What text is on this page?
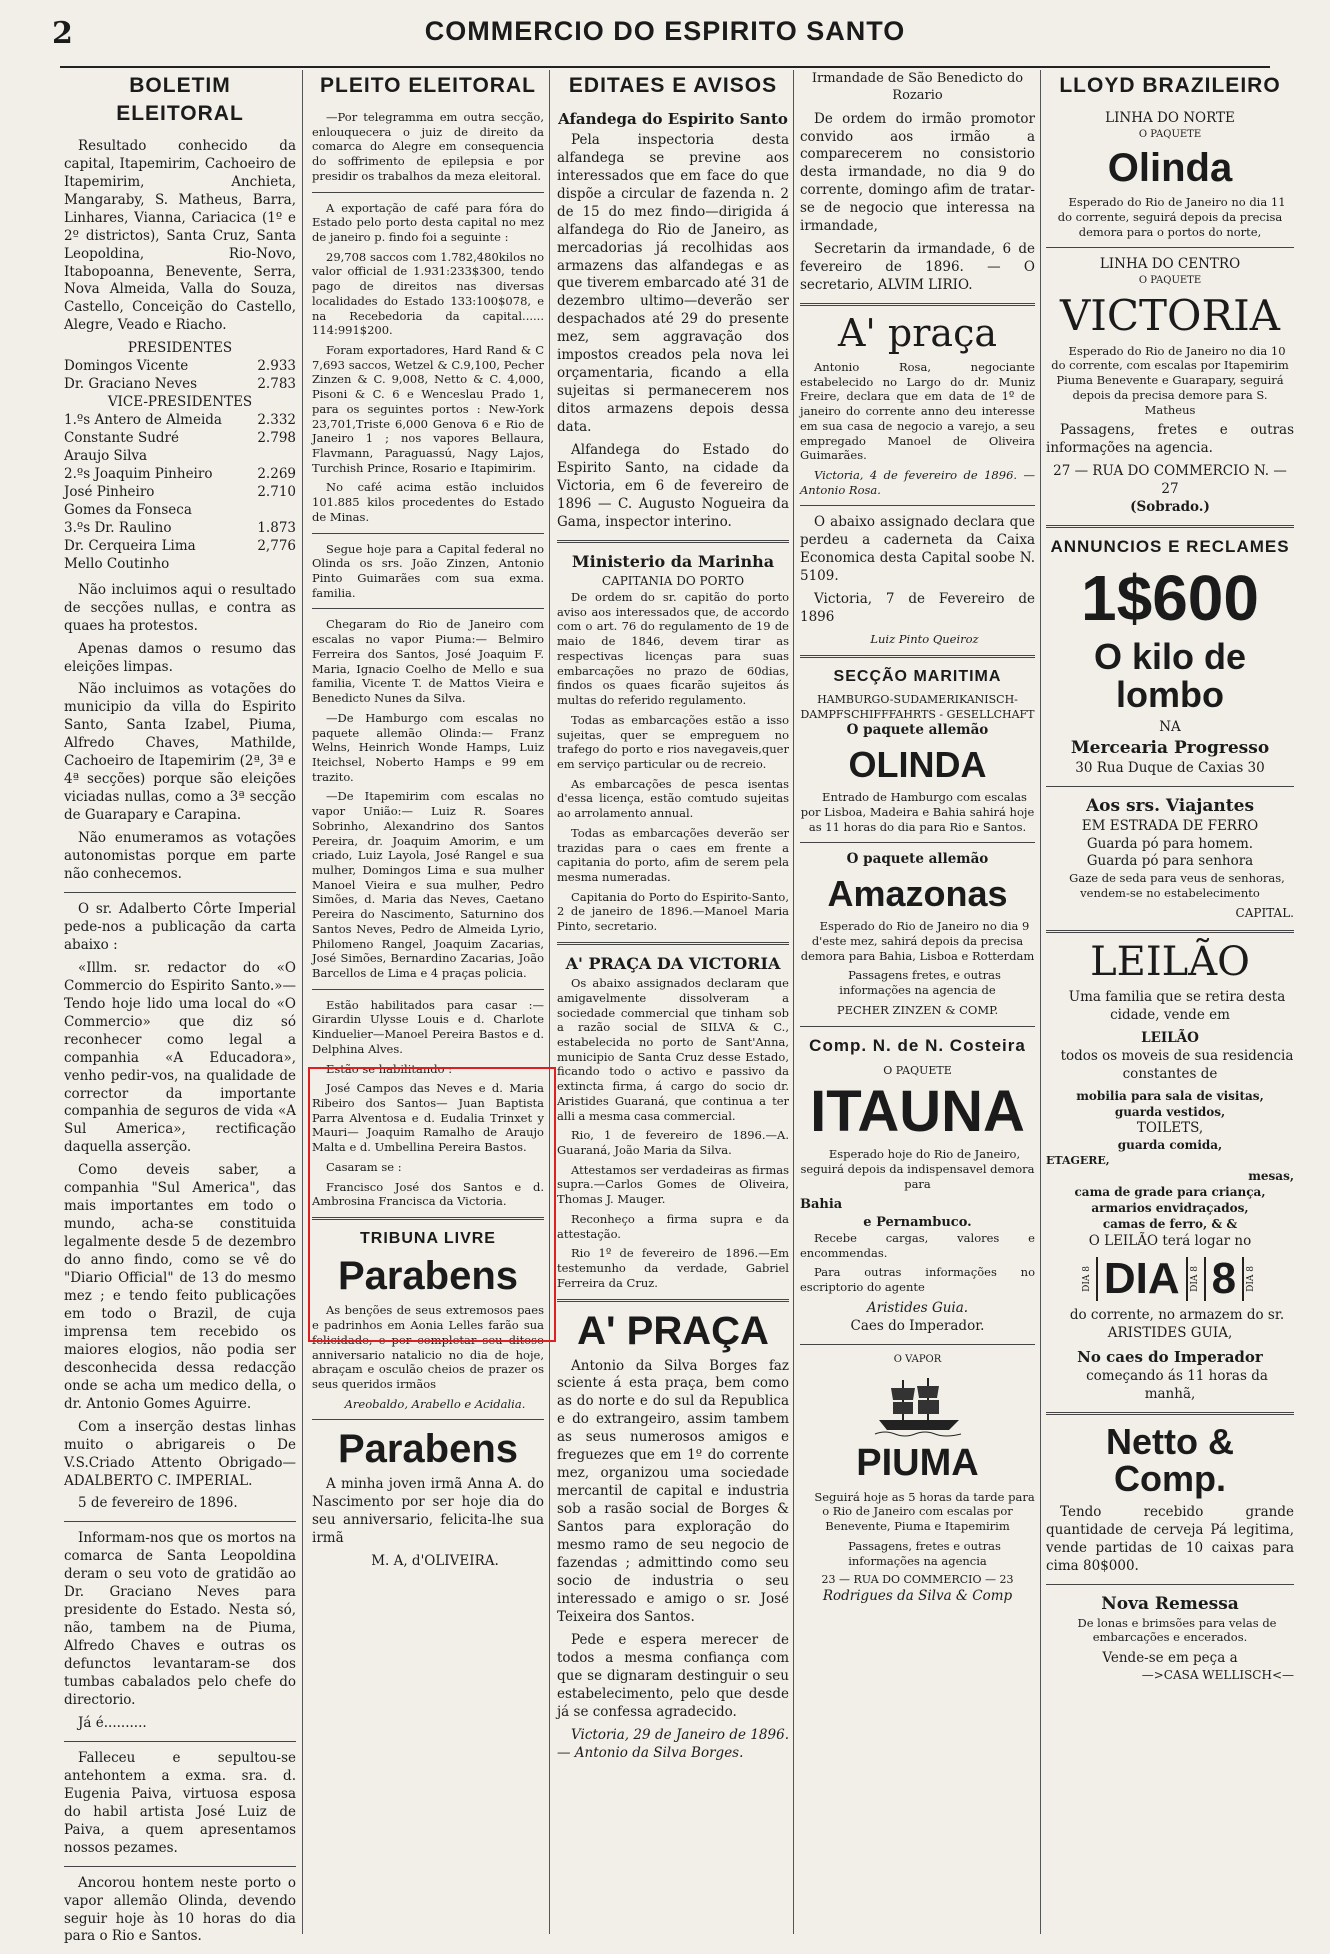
COMMERCIO DO ESPIRITO SANTO
2
BOLETIM ELEITORAL

Resultado conhecido da capital, Itapemirim, Cachoeiro de Itapemirim, Anchieta, Mangaraby, S. Matheus, Barra, Linhares, Vianna, Cariacica (1º e 2º districtos), Santa Cruz, Santa Leopoldina, Rio-Novo, Itabopoanna, Benevente, Serra, Nova Almeida, Valla do Souza, Castello, Conceição do Castello, Alegre, Veado e Riacho.

PRESIDENTES
Domingos Vicente	2.933
Dr. Graciano Neves	2.783
VICE-PRESIDENTES
1.ºs Antero de Almeida	2.332
Constante Sudré	2.798
Araujo Silva
2.ºs Joaquim Pinheiro	2.269
José Pinheiro	2.710
Gomes da Fonseca
3.ºs Dr. Raulino	1.873
Dr. Cerqueira Lima	2,776
Mello Coutinho

Não incluimos aqui o resultado de secções nullas, e contra as quaes ha protestos.

Apenas damos o resumo das eleições limpas.

Não incluimos as votações do municipio da villa do Espirito Santo, Santa Izabel, Piuma, Alfredo Chaves, Mathilde, Cachoeiro de Itapemirim (2ª, 3ª e 4ª secções) porque são eleições viciadas nullas, como a 3ª secção de Guarapary e Carapina.

Não enumeramos as votações autonomistas porque em parte não conhecemos.

O sr. Adalberto Côrte Imperial pede-nos a publicação da carta abaixo :

«Illm. sr. redactor do «O Commercio do Espirito Santo.»—Tendo hoje lido uma local do «O Commercio» que diz só reconhecer como legal a companhia «A Educadora», venho pedir-vos, na qualidade de corrector da importante companhia de seguros de vida «A Sul America», rectificação daquella asserção.

Como deveis saber, a companhia "Sul America", das mais importantes em todo o mundo, acha-se constituida legalmente desde 5 de dezembro do anno findo, como se vê do "Diario Official" de 13 do mesmo mez ; e tendo feito publicações em todo o Brazil, de cuja imprensa tem recebido os maiores elogios, não podia ser desconhecida dessa redacção onde se acha um medico della, o dr. Antonio Gomes Aguirre.

Com a inserção destas linhas muito o abrigareis o De V.S.Criado Attento Obrigado—ADALBERTO C. IMPERIAL.

5 de fevereiro de 1896.

Informam-nos que os mortos na comarca de Santa Leopoldina deram o seu voto de gratidão ao Dr. Graciano Neves para presidente do Estado. Nesta só, não, tambem na de Piuma, Alfredo Chaves e outras os defunctos levantaram-se dos tumbas cabalados pelo chefe do directorio.

Já é..........

Falleceu e sepultou-se antehontem a exma. sra. d. Eugenia Paiva, virtuosa esposa do habil artista José Luiz de Paiva, a quem apresentamos nossos pezames.

Ancorou hontem neste porto o vapor allemão Olinda, devendo seguir hoje às 10 horas do dia para o Rio e Santos.

PLEITO ELEITORAL

—Por telegramma em outra secção, enlouquecera o juiz de direito da comarca do Alegre em consequencia do soffrimento de epilepsia e por presidir os trabalhos da meza eleitoral.

A exportação de café para fóra do Estado pelo porto desta capital no mez de janeiro p. findo foi a seguinte :

29,708 saccos com 1.782,480kilos no valor official de 1.931:233$300, tendo pago de direitos nas diversas localidades do Estado 133:100$078, e na Recebedoria da capital...... 114:991$200.

Foram exportadores, Hard Rand & C 7,693 saccos, Wetzel & C.9,100, Pecher Zinzen & C. 9,008, Netto & C. 4,000, Pisoni & C. 6 e Wenceslau Prado 1, para os seguintes portos : New-York 23,701,Triste 6,000 Genova 6 e Rio de Janeiro 1 ; nos vapores Bellaura, Flavmann, Paraguassú, Nagy Lajos, Turchish Prince, Rosario e Itapimirim.

No café acima estão incluidos 101.885 kilos procedentes do Estado de Minas.

Segue hoje para a Capital federal no Olinda os srs. João Zinzen, Antonio Pinto Guimarães com sua exma. familia.

Chegaram do Rio de Janeiro com escalas no vapor Piuma:— Belmiro Ferreira dos Santos, José Joaquim F. Maria, Ignacio Coelho de Mello e sua familia, Vicente T. de Mattos Vieira e Benedicto Nunes da Silva.

—De Hamburgo com escalas no paquete allemão Olinda:— Franz Welns, Heinrich Wonde Hamps, Luiz Iteichsel, Noberto Hamps e 99 em trazito.

—De Itapemirim com escalas no vapor União:— Luiz R. Soares Sobrinho, Alexandrino dos Santos Pereira, dr. Joaquim Amorim, e um criado, Luiz Layola, José Rangel e sua mulher, Domingos Lima e sua mulher Manoel Vieira e sua mulher, Pedro Simões, d. Maria das Neves, Caetano Pereira do Nascimento, Saturnino dos Santos Neves, Pedro de Almeida Lyrio, Philomeno Rangel, Joaquim Zacarias, José Simões, Bernardino Zacarias, João Barcellos de Lima e 4 praças policia.

Estão habilitados para casar :— Girardin Ulysse Louis e d. Charlote Kinduelier—Manoel Pereira Bastos e d. Delphina Alves.

Estão se habilitando :

José Campos das Neves e d. Maria Ribeiro dos Santos— Juan Baptista Parra Alventosa e d. Eudalia Trinxet y Mauri— Joaquim Ramalho de Araujo Malta e d. Umbellina Pereira Bastos.

Casaram se :

Francisco José dos Santos e d. Ambrosina Francisca da Victoria.

TRIBUNA LIVRE
Parabens

As benções de seus extremosos paes e padrinhos em Aonia Lelles farão sua felicidade, e por completar seu ditoso anniversario natalicio no dia de hoje, abraçam e osculão cheios de prazer os seus queridos irmãos

Areobaldo, Arabello e Acidalia.

Parabens

A minha joven irmã Anna A. do Nascimento por ser hoje dia do seu anniversario, felicita-lhe sua irmã

M. A, d'OLIVEIRA.

EDITAES E AVISOS
Afandega do Espirito Santo

Pela inspectoria desta alfandega se previne aos interessados que em face do que dispõe a circular de fazenda n. 2 de 15 do mez findo—dirigida á alfandega do Rio de Janeiro, as mercadorias já recolhidas aos armazens das alfandegas e as que tiverem embarcado até 31 de dezembro ultimo—deverão ser despachados até 29 do presente mez, sem aggravação dos impostos creados pela nova lei orçamentaria, ficando a ella sujeitas si permanecerem nos ditos armazens depois dessa data.

Alfandega do Estado do Espirito Santo, na cidade da Victoria, em 6 de fevereiro de 1896 — C. Augusto Nogueira da Gama, inspector interino.

Ministerio da Marinha
CAPITANIA DO PORTO

De ordem do sr. capitão do porto aviso aos interessados que, de accordo com o art. 76 do regulamento de 19 de maio de 1846, devem tirar as respectivas licenças para suas embarcações no prazo de 60dias, findos os quaes ficarão sujeitos ás multas do referido regulamento.

Todas as embarcações estão a isso sujeitas, quer se empreguem no trafego do porto e rios navegaveis,quer em serviço particular ou de recreio.

As embarcações de pesca isentas d'essa licença, estão comtudo sujeitas ao arrolamento annual.

Todas as embarcações deverão ser trazidas para o caes em frente a capitania do porto, afim de serem pela mesma numeradas.

Capitania do Porto do Espirito-Santo, 2 de janeiro de 1896.—Manoel Maria Pinto, secretario.

A' PRAÇA DA VICTORIA

Os abaixo assignados declaram que amigavelmente dissolveram a sociedade commercial que tinham sob a razão social de SILVA & C., estabelecida no porto de Sant'Anna, municipio de Santa Cruz desse Estado, ficando todo o activo e passivo da extincta firma, á cargo do socio dr. Aristides Guaraná, que continua a ter alli a mesma casa commercial.

Rio, 1 de fevereiro de 1896.—A. Guaraná, João Maria da Silva.

Attestamos ser verdadeiras as firmas supra.—Carlos Gomes de Oliveira, Thomas J. Mauger.

Reconheço a firma supra e da attestação.

Rio 1º de fevereiro de 1896.—Em testemunho da verdade, Gabriel Ferreira da Cruz.

A' PRAÇA

Antonio da Silva Borges faz sciente á esta praça, bem como as do norte e do sul da Republica e do extrangeiro, assim tambem as seus numerosos amigos e freguezes que em 1º do corrente mez, organizou uma sociedade mercantil de capital e industria sob a rasão social de Borges & Santos para exploração do mesmo ramo de seu negocio de fazendas ; admittindo como seu socio de industria o seu interessado e amigo o sr. José Teixeira dos Santos.

Pede e espera merecer de todos a mesma confiança com que se dignaram destinguir o seu estabelecimento, pelo que desde já se confessa agradecido.

Victoria, 29 de Janeiro de 1896. — Antonio da Silva Borges.

Irmandade de São Benedicto do Rozario

De ordem do irmão promotor convido aos irmão a comparecerem no consistorio desta irmandade, no dia 9 do corrente, domingo afim de tratar-se de negocio que interessa na irmandade,

Secretarin da irmandade, 6 de fevereiro de 1896. — O secretario, ALVIM LIRIO.

A' praça

Antonio Rosa, negociante estabelecido no Largo do dr. Muniz Freire, declara que em data de 1º de janeiro do corrente anno deu interesse em sua casa de negocio a varejo, a seu empregado Manoel de Oliveira Guimarães.

Victoria, 4 de fevereiro de 1896. —Antonio Rosa.

O abaixo assignado declara que perdeu a caderneta da Caixa Economica desta Capital soobe N. 5109.

Victoria, 7 de Fevereiro de 1896

Luiz Pinto Queiroz

SECÇÃO MARITIMA
HAMBURGO-SUDAMERIKANISCH-DAMPFSCHIFFFAHRTS - GESELLCHAFT
O paquete allemão
OLINDA

Entrado de Hamburgo com escalas por Lisboa, Madeira e Bahia sahirá hoje as 11 horas do dia para Rio e Santos.

O paquete allemão
Amazonas

Esperado do Rio de Janeiro no dia 9 d'este mez, sahirá depois da precisa demora para Bahia, Lisboa e Rotterdam

Passagens fretes, e outras informações na agencia de

PECHER ZINZEN & COMP.
Comp. N. de N. Costeira
O PAQUETE
ITAUNA

Esperado hoje do Rio de Janeiro, seguirá depois da indispensavel demora para

Bahia
e Pernambuco.

Recebe cargas, valores e encommendas.

Para outras informações no escriptorio do agente

Aristides Guia.
Caes do Imperador.
O VAPOR
PIUMA

Seguirá hoje as 5 horas da tarde para o Rio de Janeiro com escalas por Benevente, Piuma e Itapemirim

Passagens, fretes e outras informações na agencia

23 — RUA DO COMMERCIO — 23
Rodrigues da Silva & Comp
LLOYD BRAZILEIRO
LINHA DO NORTE
O PAQUETE
Olinda

Esperado do Rio de Janeiro no dia 11 do corrente, seguirá depois da precisa demora para o portos do norte,

LINHA DO CENTRO
O PAQUETE
VICTORIA

Esperado do Rio de Janeiro no dia 10 do corrente, com escalas por Itapemirim Piuma Benevente e Guarapary, seguirá depois da precisa demore para S. Matheus

Passagens, fretes e outras informações na agencia.

27 — RUA DO COMMERCIO N. — 27
(Sobrado.)
ANNUNCIOS E RECLAMES
1$600
O kilo de lombo
NA
Mercearia Progresso
30 Rua Duque de Caxias 30
Aos srs. Viajantes
EM ESTRADA DE FERRO
Guarda pó para homem.
Guarda pó para senhora

Gaze de seda para veus de senhoras, vendem-se no estabelecimento

CAPITAL.
LEILÃO

Uma familia que se retira desta cidade, vende em

LEILÃO

todos os moveis de sua residencia constantes de

mobilia para sala de visitas,
guarda vestidos,
TOILETS,
guarda comida,
ETAGERE,
mesas,
cama de grade para criança,
armarios envidraçados,
camas de ferro, & &
O LEILÃO terá logar no
DIA 8 DIA	DIA 8 8	DIA 8

do corrente, no armazem do sr. ARISTIDES GUIA,

No caes do Imperador

começando ás 11 horas da manhã,

Netto & Comp.

Tendo recebido grande quantidade de cerveja Pá legitima, vende partidas de 10 caixas para cima 80$000.

Nova Remessa

De lonas e brimsões para velas de embarcações e encerados.

Vende-se em peça a
—>CASA WELLISCH<—
